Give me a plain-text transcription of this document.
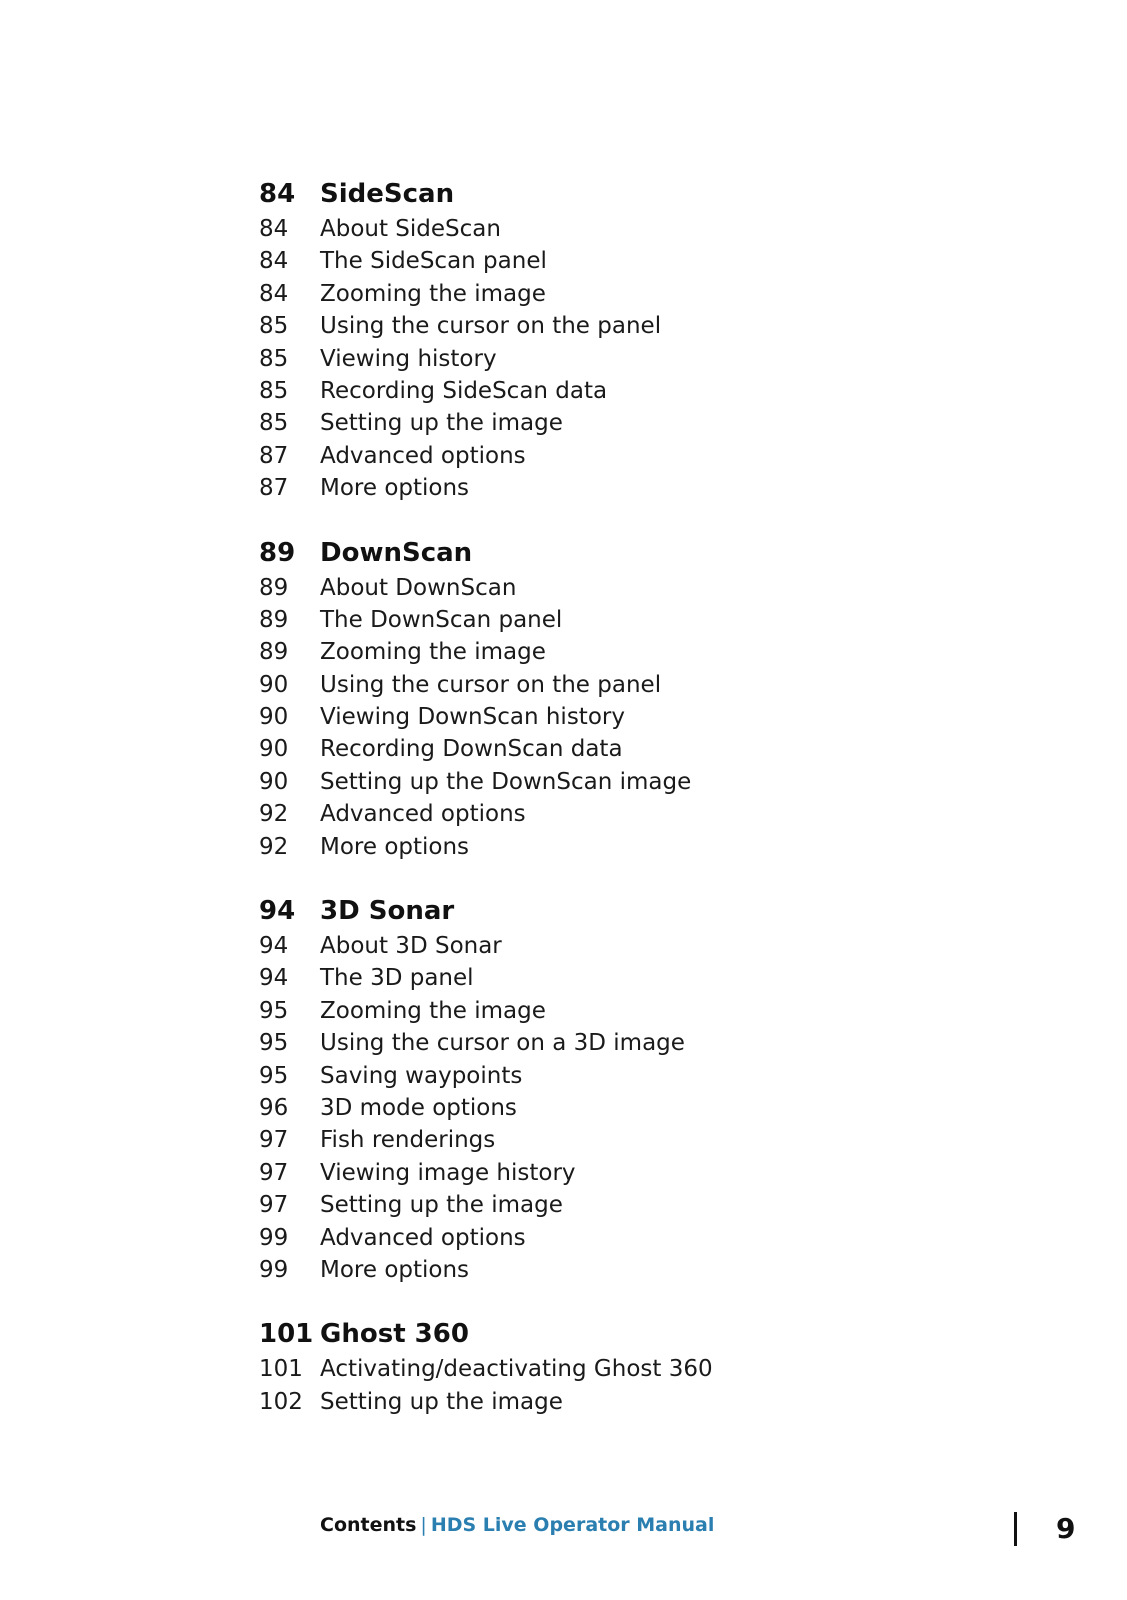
84 SideScan
84	About SideScan
84	The SideScan panel
84	Zooming the image
85	Using the cursor on the panel
85	Viewing history
85	Recording SideScan data
85	Setting up the image
87	Advanced options
87	More options
89 DownScan
89	About DownScan
89	The DownScan panel
89	Zooming the image
90	Using the cursor on the panel
90	Viewing DownScan history
90	Recording DownScan data
90	Setting up the DownScan image
92	Advanced options
92	More options
94 3D Sonar
94	About 3D Sonar
94	The 3D panel
95	Zooming the image
95	Using the cursor on a 3D image
95	Saving waypoints
96	3D mode options
97	Fish renderings
97	Viewing image history
97	Setting up the image
99	Advanced options
99	More options
101 Ghost 360
101 Activating/deactivating Ghost 360
102 Setting up the image
Contents | HDS Live Operator Manual	9
